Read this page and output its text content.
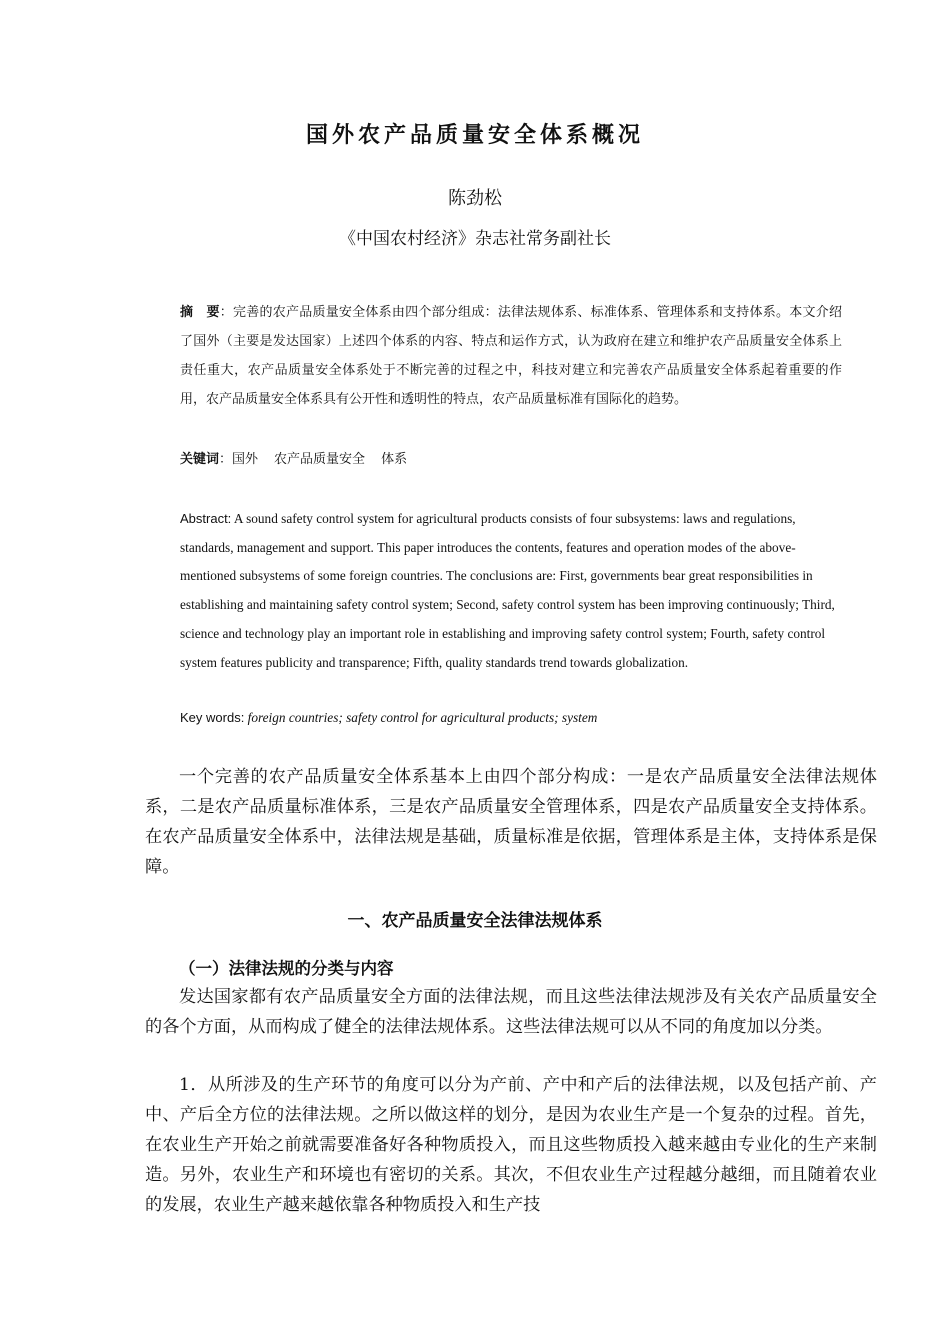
国外农产品质量安全体系概况
陈劲松
《中国农村经济》杂志社常务副社长
摘　要：完善的农产品质量安全体系由四个部分组成：法律法规体系、标准体系、管理体系和支持体系。本文介绍了国外（主要是发达国家）上述四个体系的内容、特点和运作方式，认为政府在建立和维护农产品质量安全体系上责任重大，农产品质量安全体系处于不断完善的过程之中，科技对建立和完善农产品质量安全体系起着重要的作用，农产品质量安全体系具有公开性和透明性的特点，农产品质量标准有国际化的趋势。
关键词：国外 农产品质量安全 体系
Abstract: A sound safety control system for agricultural products consists of four subsystems: laws and regulations, standards, management and support. This paper introduces the contents, features and operation modes of the above-mentioned subsystems of some foreign countries. The conclusions are: First, governments bear great responsibilities in establishing and maintaining safety control system; Second, safety control system has been improving continuously; Third, science and technology play an important role in establishing and improving safety control system; Fourth, safety control system features publicity and transparence; Fifth, quality standards trend towards globalization.
Key words: foreign countries; safety control for agricultural products; system
一个完善的农产品质量安全体系基本上由四个部分构成：一是农产品质量安全法律法规体系，二是农产品质量标准体系，三是农产品质量安全管理体系，四是农产品质量安全支持体系。在农产品质量安全体系中，法律法规是基础，质量标准是依据，管理体系是主体，支持体系是保障。
一、农产品质量安全法律法规体系
（一）法律法规的分类与内容
发达国家都有农产品质量安全方面的法律法规，而且这些法律法规涉及有关农产品质量安全的各个方面，从而构成了健全的法律法规体系。这些法律法规可以从不同的角度加以分类。
1．从所涉及的生产环节的角度可以分为产前、产中和产后的法律法规，以及包括产前、产中、产后全方位的法律法规。之所以做这样的划分，是因为农业生产是一个复杂的过程。首先，在农业生产开始之前就需要准备好各种物质投入，而且这些物质投入越来越由专业化的生产来制造。另外，农业生产和环境也有密切的关系。其次，不但农业生产过程越分越细，而且随着农业的发展，农业生产越来越依靠各种物质投入和生产技
